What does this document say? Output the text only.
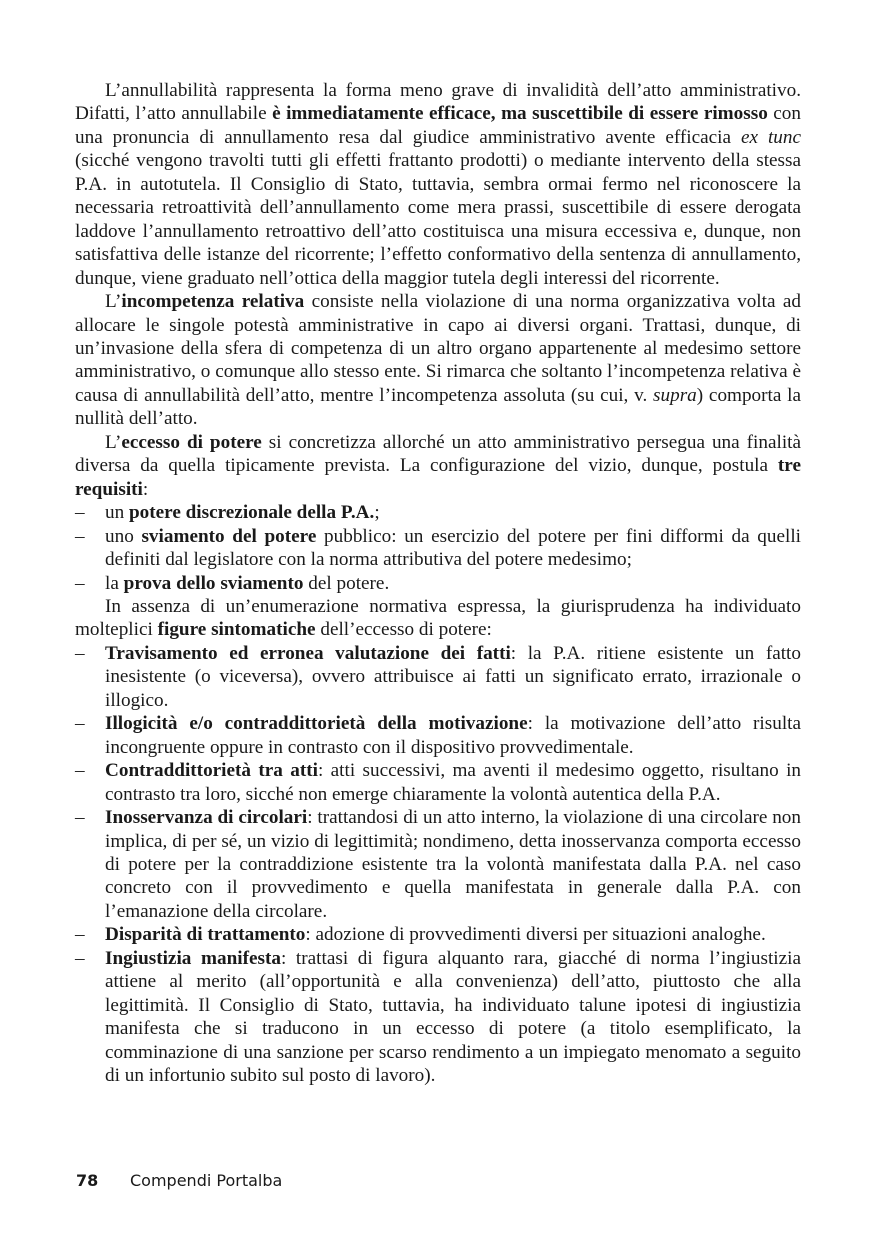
L’annullabilità rappresenta la forma meno grave di invalidità dell’atto amministrativo. Difatti, l’atto annullabile è immediatamente efficace, ma suscettibile di essere rimosso con una pronuncia di annullamento resa dal giudice amministrativo avente efficacia ex tunc (sicché vengono travolti tutti gli effetti frattanto prodotti) o mediante intervento della stessa P.A. in autotutela. Il Consiglio di Stato, tuttavia, sembra ormai fermo nel riconoscere la necessaria retroattività dell’annullamento come mera prassi, suscettibile di essere derogata laddove l’annullamento retroattivo dell’atto costituisca una misura eccessiva e, dunque, non satisfattiva delle istanze del ricorrente; l’effetto conformativo della sentenza di annullamento, dunque, viene graduato nell’ottica della maggior tutela degli interessi del ricorrente.

L’incompetenza relativa consiste nella violazione di una norma organizzativa volta ad allocare le singole potestà amministrative in capo ai diversi organi. Trattasi, dunque, di un’invasione della sfera di competenza di un altro organo appartenente al medesimo settore amministrativo, o comunque allo stesso ente. Si rimarca che soltanto l’incompetenza relativa è causa di annullabilità dell’atto, mentre l’incompetenza assoluta (su cui, v. supra) comporta la nullità dell’atto.

L’eccesso di potere si concretizza allorché un atto amministrativo persegua una finalità diversa da quella tipicamente prevista. La configurazione del vizio, dunque, postula tre requisiti:

– un potere discrezionale della P.A.;
– uno sviamento del potere pubblico: un esercizio del potere per fini difformi da quelli definiti dal legislatore con la norma attributiva del potere medesimo;
– la prova dello sviamento del potere.

In assenza di un’enumerazione normativa espressa, la giurisprudenza ha individuato molteplici figure sintomatiche dell’eccesso di potere:

– Travisamento ed erronea valutazione dei fatti: la P.A. ritiene esistente un fatto inesistente (o viceversa), ovvero attribuisce ai fatti un significato errato, irrazionale o illogico.
– Illogicità e/o contraddittorietà della motivazione: la motivazione dell’atto risulta incongruente oppure in contrasto con il dispositivo provvedimentale.
– Contraddittorietà tra atti: atti successivi, ma aventi il medesimo oggetto, risultano in contrasto tra loro, sicché non emerge chiaramente la volontà autentica della P.A.
– Inosservanza di circolari: trattandosi di un atto interno, la violazione di una circolare non implica, di per sé, un vizio di legittimità; nondimeno, detta inosservanza comporta eccesso di potere per la contraddizione esistente tra la volontà manifestata dalla P.A. nel caso concreto con il provvedimento e quella manifestata in generale dalla P.A. con l’emanazione della circolare.
– Disparità di trattamento: adozione di provvedimenti diversi per situazioni analoghe.
– Ingiustizia manifesta: trattasi di figura alquanto rara, giacché di norma l’ingiustizia attiene al merito (all’opportunità e alla convenienza) dell’atto, piuttosto che alla legittimità. Il Consiglio di Stato, tuttavia, ha individuato talune ipotesi di ingiustizia manifesta che si traducono in un eccesso di potere (a titolo esemplificato, la comminazione di una sanzione per scarso rendimento a un impiegato menomato a seguito di un infortunio subito sul posto di lavoro).
78	Compendi Portalba
